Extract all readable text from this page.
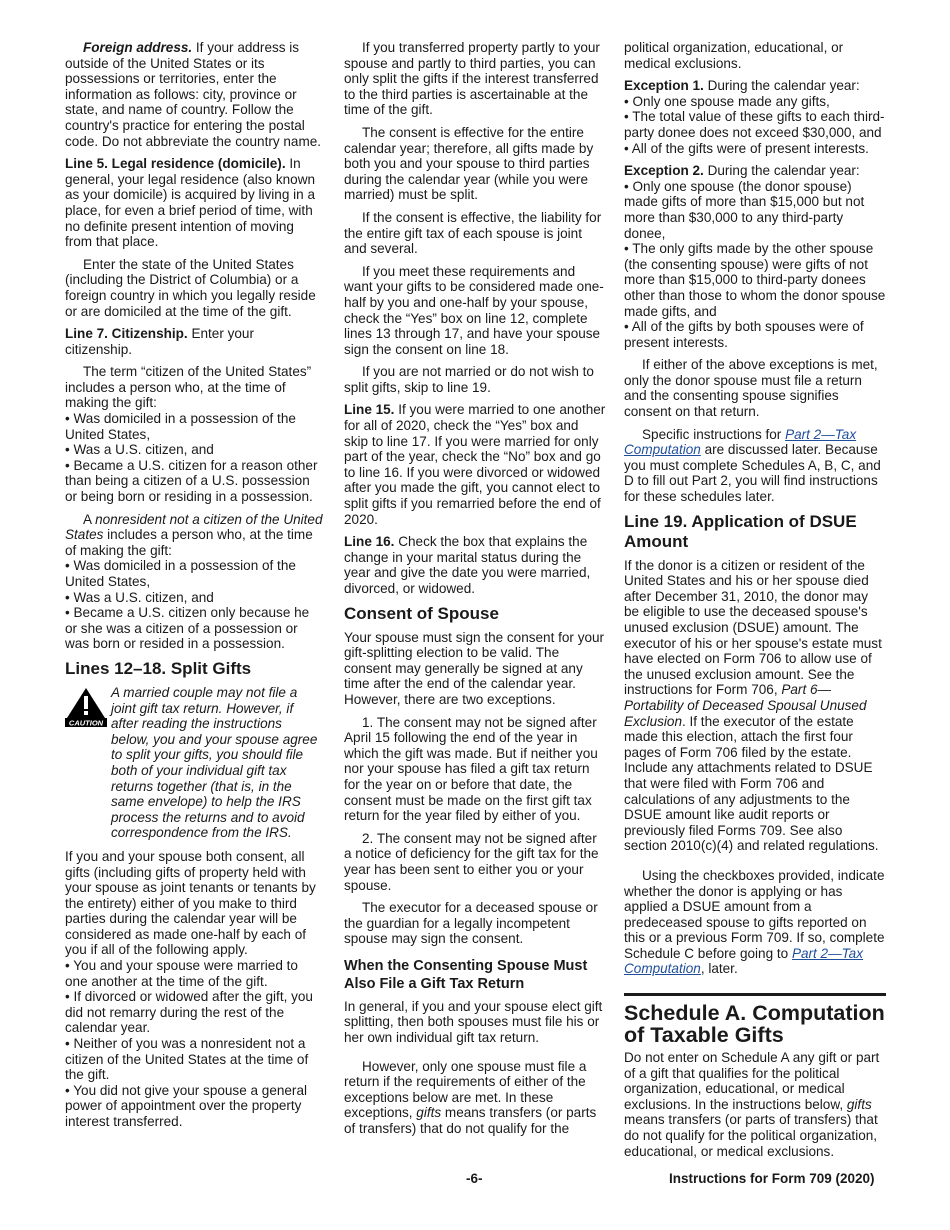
Foreign address. If your address is outside of the United States or its possessions or territories, enter the information as follows: city, province or state, and name of country. Follow the country's practice for entering the postal code. Do not abbreviate the country name.

Line 5. Legal residence (domicile). In general, your legal residence (also known as your domicile) is acquired by living in a place, for even a brief period of time, with no definite present intention of moving from that place.

Enter the state of the United States (including the District of Columbia) or a foreign country in which you legally reside or are domiciled at the time of the gift.

Line 7. Citizenship. Enter your citizenship.

The term “citizen of the United States” includes a person who, at the time of making the gift:

• Was domiciled in a possession of the United States,

• Was a U.S. citizen, and

• Became a U.S. citizen for a reason other than being a citizen of a U.S. possession or being born or residing in a possession.

A nonresident not a citizen of the United States includes a person who, at the time of making the gift:

• Was domiciled in a possession of the United States,

• Was a U.S. citizen, and

• Became a U.S. citizen only because he or she was a citizen of a possession or was born or resided in a possession.

Lines 12–18. Split Gifts
CAUTION
A married couple may not file a joint gift tax return. However, if after reading the instructions below, you and your spouse agree to split your gifts, you should file both of your individual gift tax returns together (that is, in the same envelope) to help the IRS process the returns and to avoid correspondence from the IRS.

If you and your spouse both consent, all gifts (including gifts of property held with your spouse as joint tenants or tenants by the entirety) either of you make to third parties during the calendar year will be considered as made one-half by each of you if all of the following apply.

• You and your spouse were married to one another at the time of the gift.

• If divorced or widowed after the gift, you did not remarry during the rest of the calendar year.

• Neither of you was a nonresident not a citizen of the United States at the time of the gift.

• You did not give your spouse a general power of appointment over the property interest transferred.

If you transferred property partly to your spouse and partly to third parties, you can only split the gifts if the interest transferred to the third parties is ascertainable at the time of the gift.

The consent is effective for the entire calendar year; therefore, all gifts made by both you and your spouse to third parties during the calendar year (while you were married) must be split.

If the consent is effective, the liability for the entire gift tax of each spouse is joint and several.

If you meet these requirements and want your gifts to be considered made one-half by you and one-half by your spouse, check the “Yes” box on line 12, complete lines 13 through 17, and have your spouse sign the consent on line 18.

If you are not married or do not wish to split gifts, skip to line 19.

Line 15. If you were married to one another for all of 2020, check the “Yes” box and skip to line 17. If you were married for only part of the year, check the “No” box and go to line 16. If you were divorced or widowed after you made the gift, you cannot elect to split gifts if you remarried before the end of 2020.

Line 16. Check the box that explains the change in your marital status during the year and give the date you were married, divorced, or widowed.

Consent of Spouse

Your spouse must sign the consent for your gift-splitting election to be valid. The consent may generally be signed at any time after the end of the calendar year. However, there are two exceptions.

1. The consent may not be signed after April 15 following the end of the year in which the gift was made. But if neither you nor your spouse has filed a gift tax return for the year on or before that date, the consent must be made on the first gift tax return for the year filed by either of you.

2. The consent may not be signed after a notice of deficiency for the gift tax for the year has been sent to either you or your spouse.

The executor for a deceased spouse or the guardian for a legally incompetent spouse may sign the consent.

When the Consenting Spouse Must Also File a Gift Tax Return

In general, if you and your spouse elect gift splitting, then both spouses must file his or her own individual gift tax return.

However, only one spouse must file a return if the requirements of either of the exceptions below are met. In these exceptions, gifts means transfers (or parts of transfers) that do not qualify for the

political organization, educational, or medical exclusions.

Exception 1. During the calendar year:

• Only one spouse made any gifts,

• The total value of these gifts to each third-party donee does not exceed $30,000, and

• All of the gifts were of present interests.

Exception 2. During the calendar year:

• Only one spouse (the donor spouse) made gifts of more than $15,000 but not more than $30,000 to any third-party donee,

• The only gifts made by the other spouse (the consenting spouse) were gifts of not more than $15,000 to third-party donees other than those to whom the donor spouse made gifts, and

• All of the gifts by both spouses were of present interests.

If either of the above exceptions is met, only the donor spouse must file a return and the consenting spouse signifies consent on that return.

Specific instructions for Part 2—Tax Computation are discussed later. Because you must complete Schedules A, B, C, and D to fill out Part 2, you will find instructions for these schedules later.

Line 19. Application of DSUE Amount

If the donor is a citizen or resident of the United States and his or her spouse died after December 31, 2010, the donor may be eligible to use the deceased spouse's unused exclusion (DSUE) amount. The executor of his or her spouse's estate must have elected on Form 706 to allow use of the unused exclusion amount. See the instructions for Form 706, Part 6—Portability of Deceased Spousal Unused Exclusion. If the executor of the estate made this election, attach the first four pages of Form 706 filed by the estate. Include any attachments related to DSUE that were filed with Form 706 and calculations of any adjustments to the DSUE amount like audit reports or previously filed Forms 709. See also section 2010(c)(4) and related regulations.

Using the checkboxes provided, indicate whether the donor is applying or has applied a DSUE amount from a predeceased spouse to gifts reported on this or a previous Form 709. If so, complete Schedule C before going to Part 2—Tax Computation, later.

Schedule A. Computation of Taxable Gifts

Do not enter on Schedule A any gift or part of a gift that qualifies for the political organization, educational, or medical exclusions. In the instructions below, gifts means transfers (or parts of transfers) that do not qualify for the political organization, educational, or medical exclusions.

-6-	Instructions for Form 709 (2020)
